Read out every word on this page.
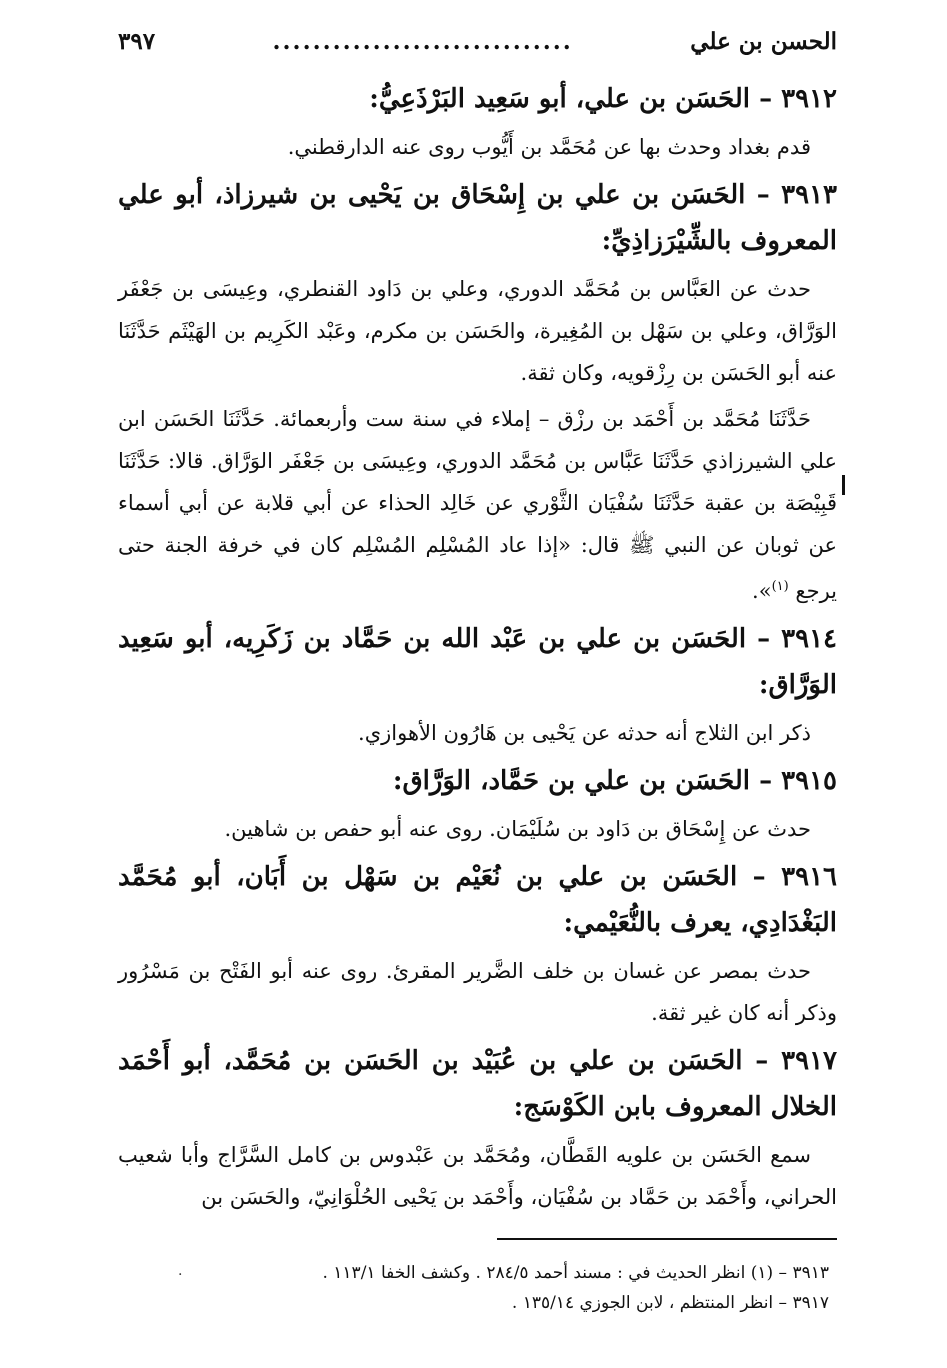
الحسن بن علي
..............................
٣٩٧

٣٩١٢ – الحَسَن بن علي، أبو سَعِيد البَرْذَعِيُّ:

قدم بغداد وحدث بها عن مُحَمَّد بن أَيُّوب روى عنه الدارقطني.

٣٩١٣ – الحَسَن بن علي بن إِسْحَاق بن يَحْيى بن شيرزاذ، أبو علي المعروف بالشِّيْرَزاذِيِّ:

حدث عن العَبَّاس بن مُحَمَّد الدوري، وعلي بن دَاود القنطري، وعِيسَى بن جَعْفَر الوَرَّاق، وعلي بن سَهْل بن المُغِيرة، والحَسَن بن مكرم، وعَبْد الكَرِيم بن الهَيْثَم حَدَّثَنَا عنه أبو الحَسَن بن رِزْقويه، وكان ثقة.

حَدَّثَنَا مُحَمَّد بن أَحْمَد بن رزْق – إملاء في سنة ست وأربعمائة. حَدَّثَنَا الحَسَن ابن علي الشيرزاذي حَدَّثَنَا عَبَّاس بن مُحَمَّد الدوري، وعِيسَى بن جَعْفَر الوَرَّاق. قالا: حَدَّثَنَا قَبِيْصَة بن عقبة حَدَّثَنَا سُفْيَان الثَّوْري عن خَالِد الحذاء عن أبي قلابة عن أبي أسماء عن ثوبان عن النبي ﷺ قال: «إذا عاد المُسْلِم المُسْلِم كان في خرفة الجنة حتى يرجع $^{(١)}$».

٣٩١٤ – الحَسَن بن علي بن عَبْد الله بن حَمَّاد بن زَكَرِيه، أبو سَعِيد الوَرَّاق:

ذكر ابن الثلاج أنه حدثه عن يَحْيى بن هَارُون الأهوازي.

٣٩١٥ – الحَسَن بن علي بن حَمَّاد، الوَرَّاق:

حدث عن إِسْحَاق بن دَاود بن سُلَيْمَان. روى عنه أبو حفص بن شاهين.

٣٩١٦ – الحَسَن بن علي بن نُعَيْم بن سَهْل بن أَبَان، أبو مُحَمَّد البَغْدَادِي، يعرف بالنُّعَيْمي:

حدث بمصر عن غسان بن خلف الضَّرير المقرئ. روى عنه أبو الفَتْح بن مَسْرُور وذكر أنه كان غير ثقة.

٣٩١٧ – الحَسَن بن علي بن عُبَيْد بن الحَسَن بن مُحَمَّد، أبو أَحْمَد الخلال المعروف بابن الكَوْسَج:

سمع الحَسَن بن علويه القَطَّان، ومُحَمَّد بن عَبْدوس بن كامل السَّرَّاج وأبا شعيب الحراني، وأَحْمَد بن حَمَّاد بن سُفْيَان، وأَحْمَد بن يَحْيى الحُلْوَانِيّ، والحَسَن بن

.	٣٩١٣ – (١) انظر الحديث في : مسند أحمد ٢٨٤/٥ . وكشف الخفا ١١٣/١ .

٣٩١٧ – انظر المنتظم ، لابن الجوزي ١٣٥/١٤ .
